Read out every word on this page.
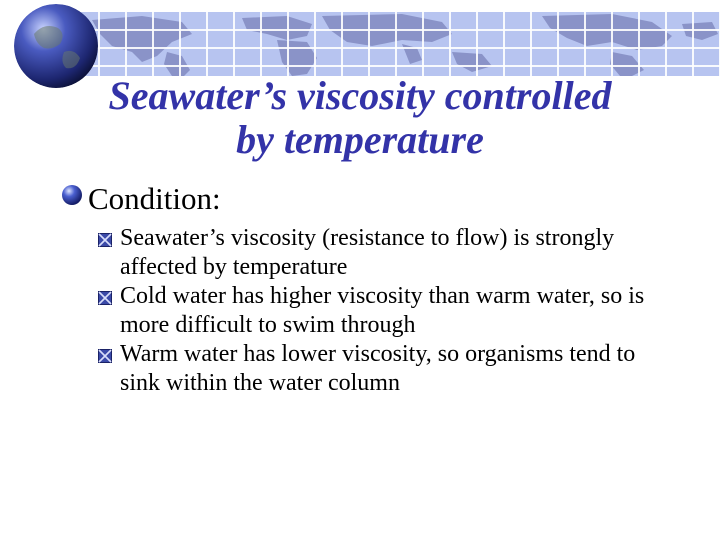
Seawater’s viscosity controlled
by temperature
Condition:
Seawater’s viscosity (resistance to flow) is strongly affected by temperature
Cold water has higher viscosity than warm water, so is more difficult to swim through
Warm water has lower viscosity, so organisms tend to sink within the water column
